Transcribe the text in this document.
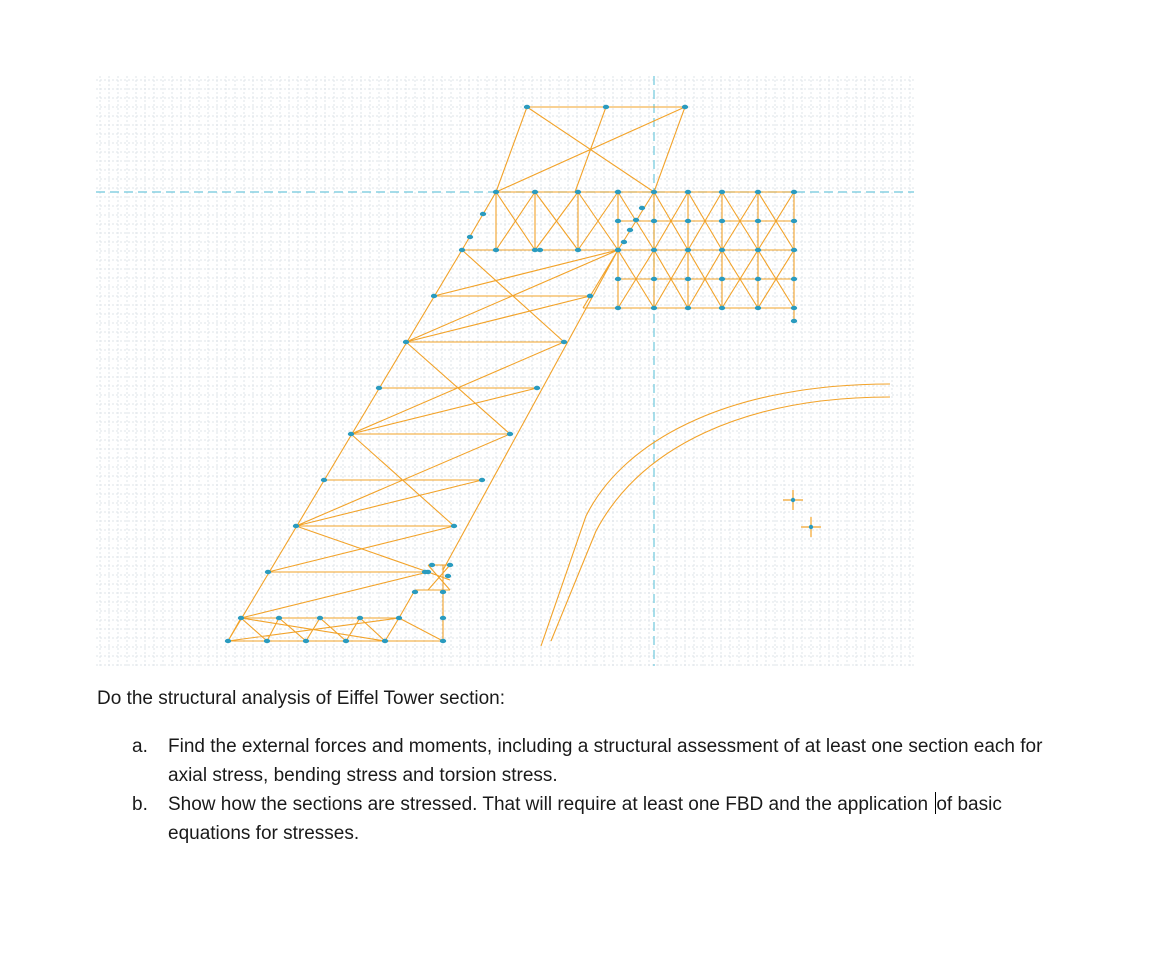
Do the structural analysis of Eiffel Tower section:

a.	Find the external forces and moments, including a structural assessment of at least one section each for axial stress, bending stress and torsion stress.
b.	Show how the sections are stressed. That will require at least one FBD and the application of basic equations for stresses.
